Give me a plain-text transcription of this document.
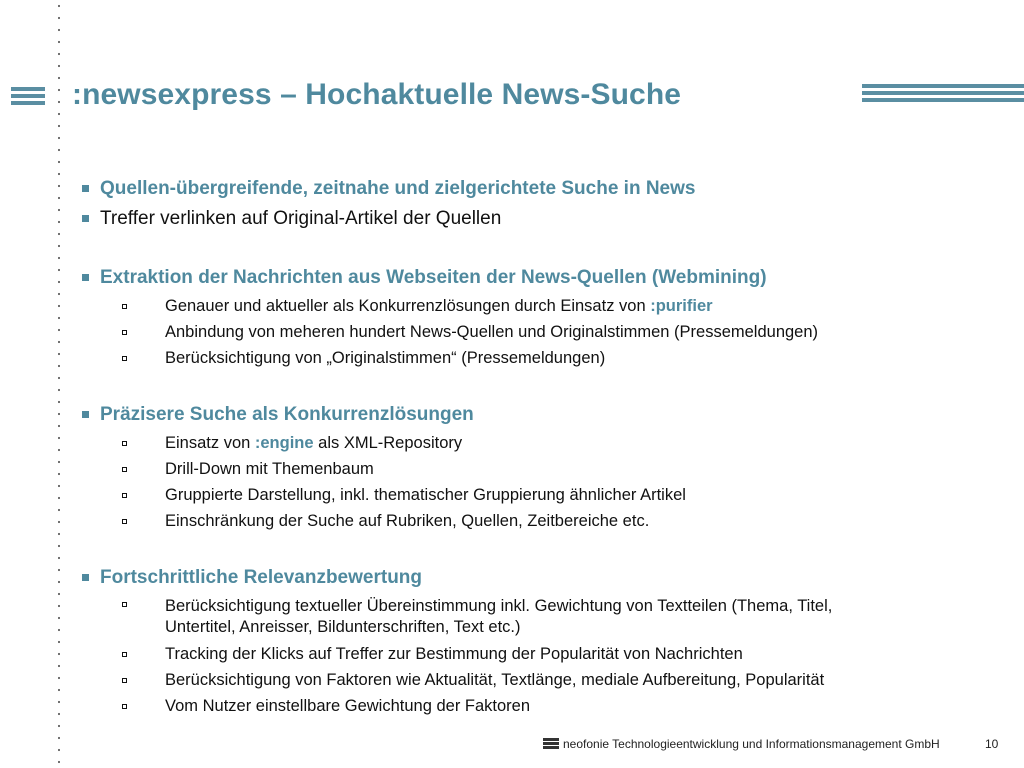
:newsexpress – Hochaktuelle News-Suche
Quellen-übergreifende, zeitnahe und zielgerichtete Suche in News
Treffer verlinken auf Original-Artikel der Quellen
Extraktion der Nachrichten aus Webseiten der News-Quellen (Webmining)
Genauer und aktueller als Konkurrenzlösungen durch Einsatz von :purifier
Anbindung von meheren hundert News-Quellen und Originalstimmen (Pressemeldungen)
Berücksichtigung von „Originalstimmen“ (Pressemeldungen)
Präzisere Suche als Konkurrenzlösungen
Einsatz von :engine als XML-Repository
Drill-Down mit Themenbaum
Gruppierte Darstellung, inkl. thematischer Gruppierung ähnlicher Artikel
Einschränkung der Suche auf Rubriken, Quellen, Zeitbereiche etc.
Fortschrittliche Relevanzbewertung
Berücksichtigung textueller Übereinstimmung inkl. Gewichtung von Textteilen (Thema, Titel,
Untertitel, Anreisser, Bildunterschriften, Text etc.)
Tracking der Klicks auf Treffer zur Bestimmung der Popularität von Nachrichten
Berücksichtigung von Faktoren wie Aktualität, Textlänge, mediale Aufbereitung, Popularität
Vom Nutzer einstellbare Gewichtung der Faktoren
neofonie Technologieentwicklung und Informationsmanagement GmbH	10
